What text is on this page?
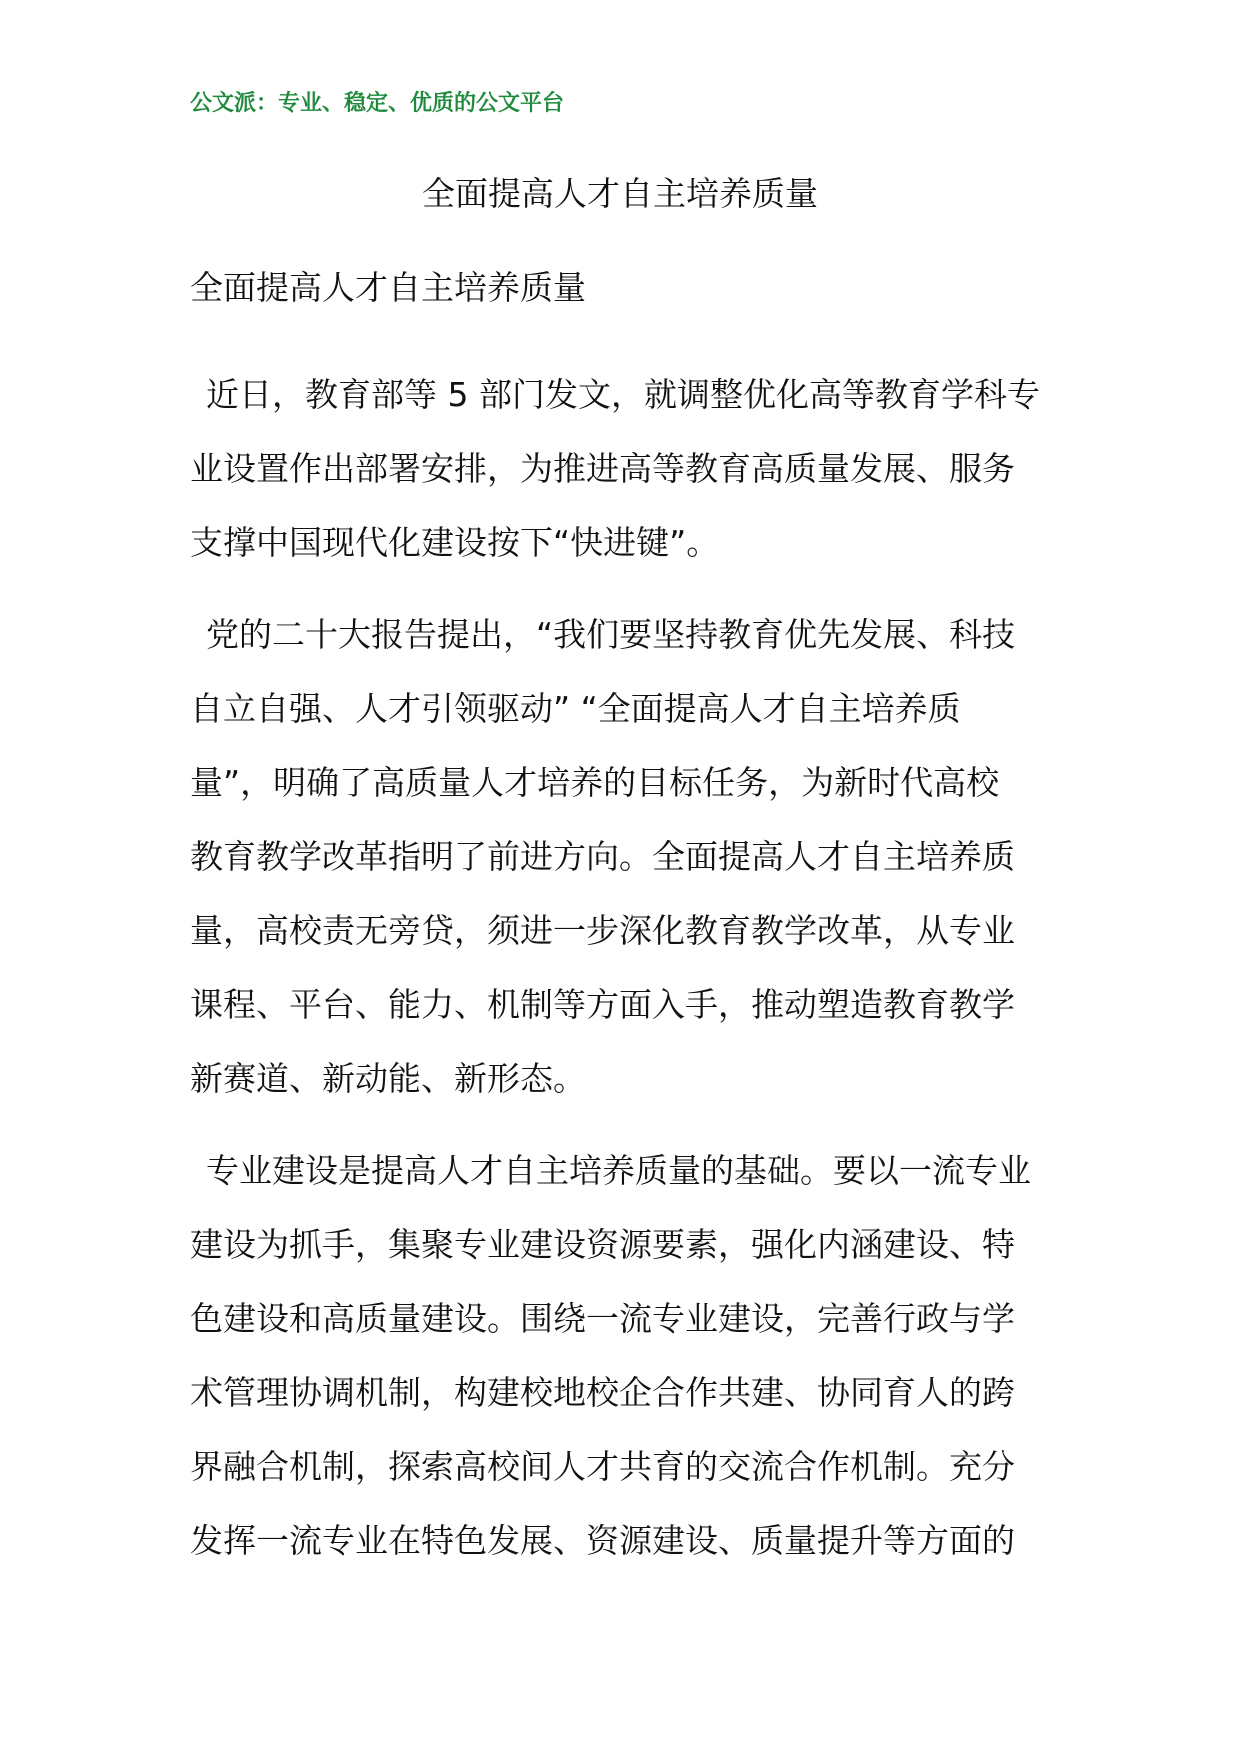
公文派：专业、稳定、优质的公文平台
全面提高人才自主培养质量
全面提高人才自主培养质量
近日，教育部等 5 部门发文，就调整优化高等教育学科专
业设置作出部署安排，为推进高等教育高质量发展、服务
支撑中国现代化建设按下“快进键”。
党的二十大报告提出，“我们要坚持教育优先发展、科技
自立自强、人才引领驱动” “全面提高人才自主培养质
量”，明确了高质量人才培养的目标任务，为新时代高校
教育教学改革指明了前进方向。全面提高人才自主培养质
量，高校责无旁贷，须进一步深化教育教学改革，从专业
课程、平台、能力、机制等方面入手，推动塑造教育教学
新赛道、新动能、新形态。
专业建设是提高人才自主培养质量的基础。要以一流专业
建设为抓手，集聚专业建设资源要素，强化内涵建设、特
色建设和高质量建设。围绕一流专业建设，完善行政与学
术管理协调机制，构建校地校企合作共建、协同育人的跨
界融合机制，探索高校间人才共育的交流合作机制。充分
发挥一流专业在特色发展、资源建设、质量提升等方面的
